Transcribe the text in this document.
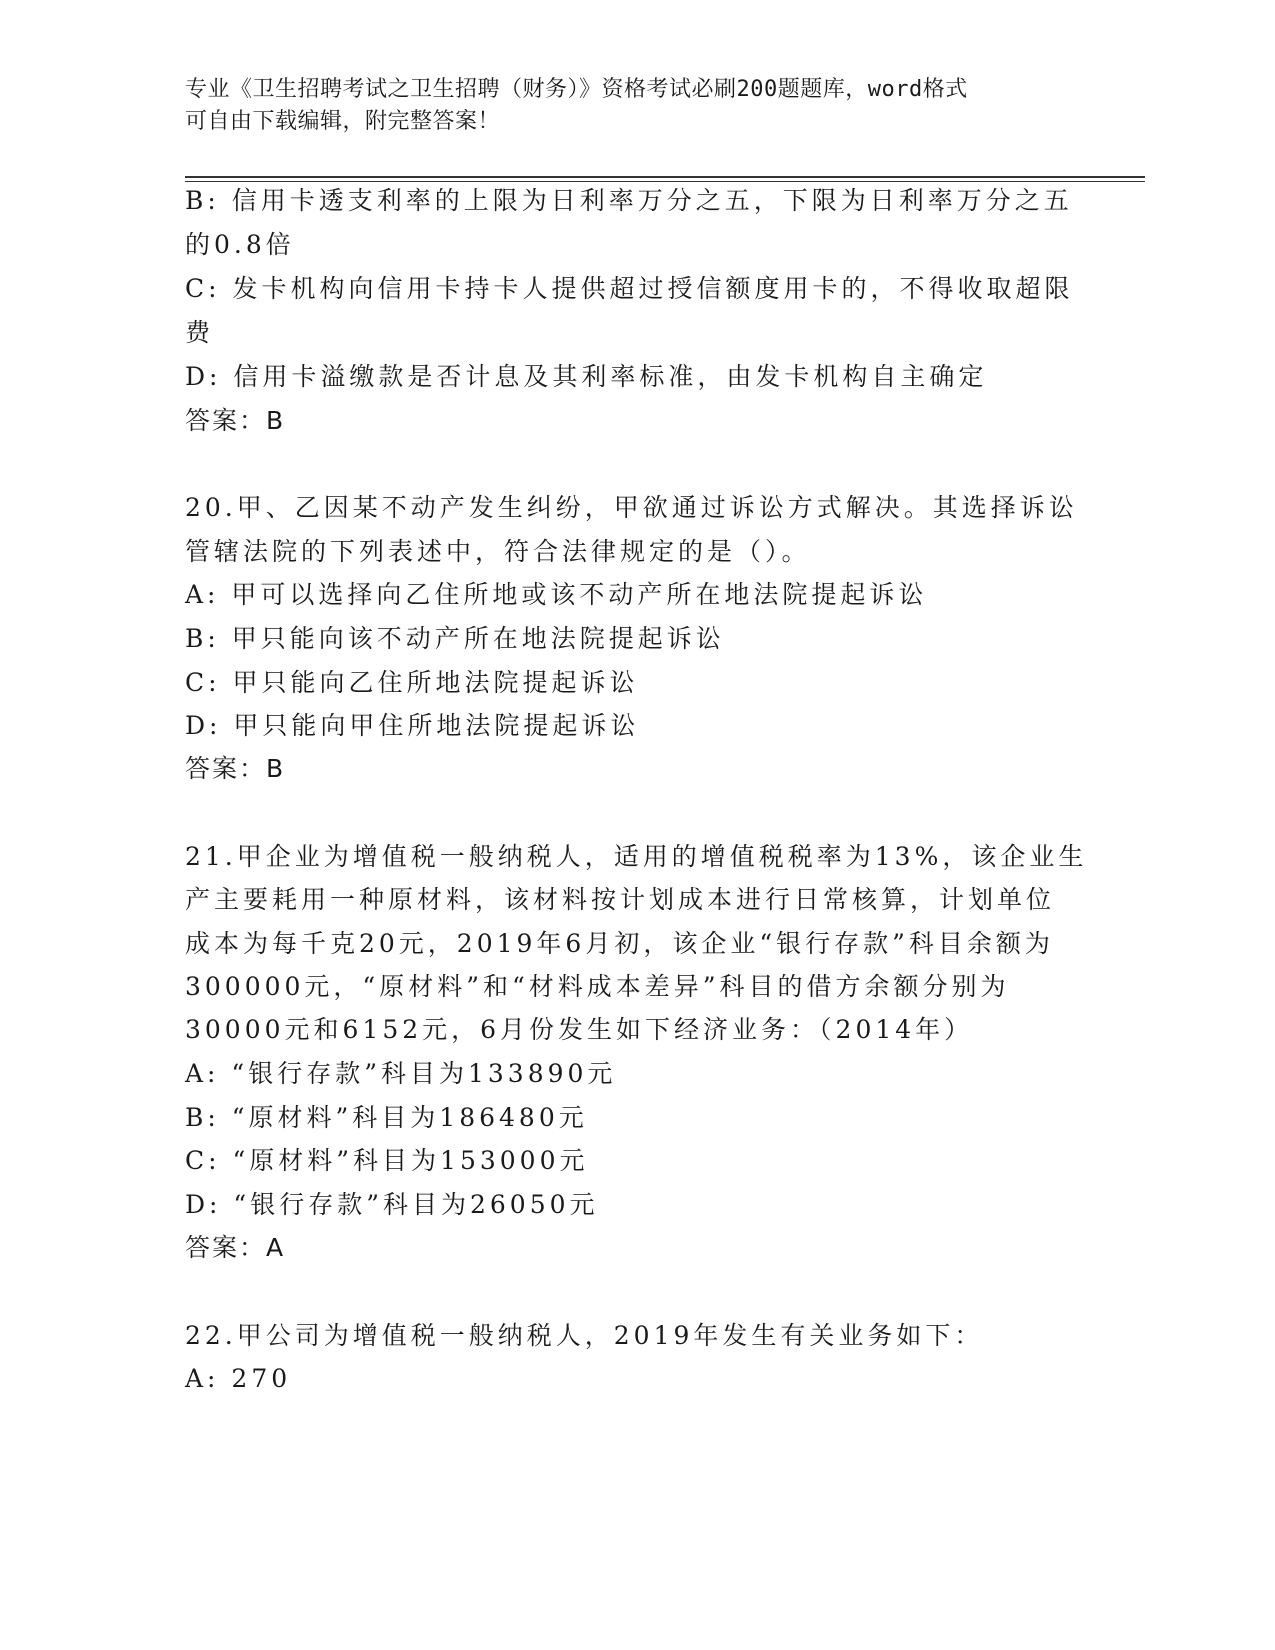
专业《卫生招聘考试之卫生招聘（财务）》资格考试必刷200题题库，word格式
可自由下载编辑，附完整答案！
B: 信用卡透支利率的上限为日利率万分之五，下限为日利率万分之五
的0.8倍
C: 发卡机构向信用卡持卡人提供超过授信额度用卡的，不得收取超限
费
D: 信用卡溢缴款是否计息及其利率标准，由发卡机构自主确定
答案：B
20.甲、乙因某不动产发生纠纷，甲欲通过诉讼方式解决。其选择诉讼
管辖法院的下列表述中，符合法律规定的是（）。
A: 甲可以选择向乙住所地或该不动产所在地法院提起诉讼
B: 甲只能向该不动产所在地法院提起诉讼
C: 甲只能向乙住所地法院提起诉讼
D: 甲只能向甲住所地法院提起诉讼
答案：B
21.甲企业为增值税一般纳税人，适用的增值税税率为13%，该企业生
产主要耗用一种原材料，该材料按计划成本进行日常核算，计划单位
成本为每千克20元，2019年6月初，该企业“银行存款”科目余额为
300000元，“原材料”和“材料成本差异”科目的借方余额分别为
30000元和6152元，6月份发生如下经济业务：（2014年）
A: “银行存款”科目为133890元
B: “原材料”科目为186480元
C: “原材料”科目为153000元
D: “银行存款”科目为26050元
答案：A
22.甲公司为增值税一般纳税人，2019年发生有关业务如下：
A: 270
